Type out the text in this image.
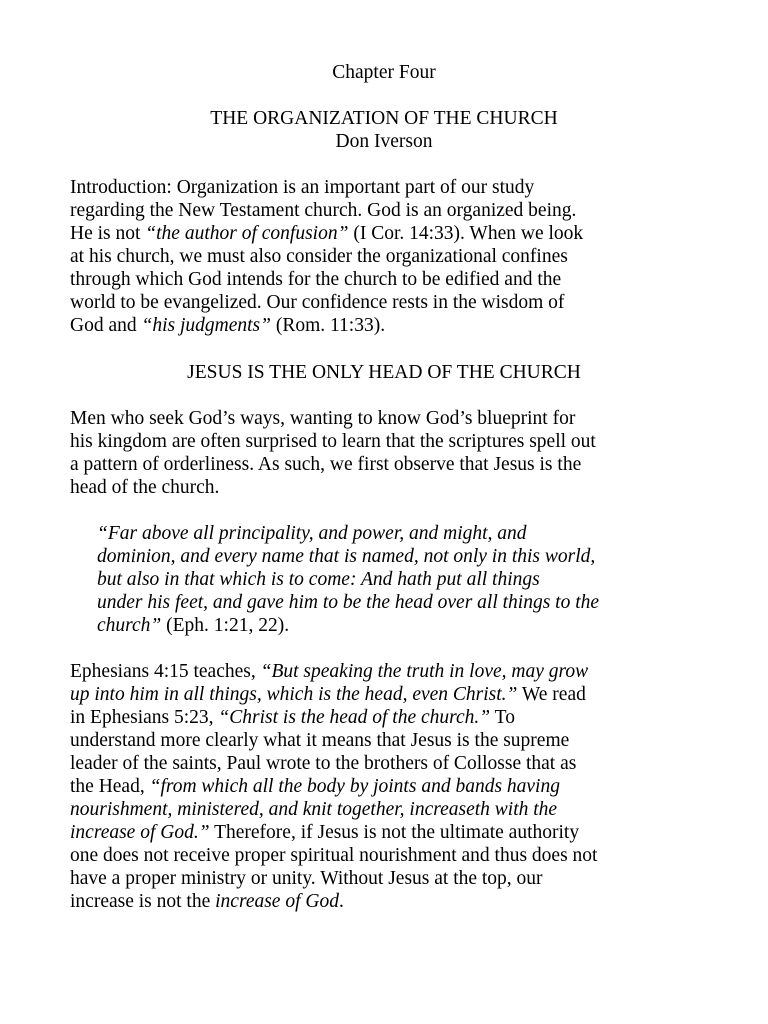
Chapter Four
THE ORGANIZATION OF THE CHURCH
Don Iverson
Introduction: Organization is an important part of our study
regarding the New Testament church. God is an organized being.
He is not “the author of confusion” (I Cor. 14:33). When we look
at his church, we must also consider the organizational confines
through which God intends for the church to be edified and the
world to be evangelized. Our confidence rests in the wisdom of
God and “his judgments” (Rom. 11:33).
JESUS IS THE ONLY HEAD OF THE CHURCH
Men who seek God’s ways, wanting to know God’s blueprint for
his kingdom are often surprised to learn that the scriptures spell out
a pattern of orderliness. As such, we first observe that Jesus is the
head of the church.
“Far above all principality, and power, and might, and
dominion, and every name that is named, not only in this world,
but also in that which is to come: And hath put all things
under his feet, and gave him to be the head over all things to the
church” (Eph. 1:21, 22).
Ephesians 4:15 teaches, “But speaking the truth in love, may grow
up into him in all things, which is the head, even Christ.” We read
in Ephesians 5:23, “Christ is the head of the church.” To
understand more clearly what it means that Jesus is the supreme
leader of the saints, Paul wrote to the brothers of Collosse that as
the Head, “from which all the body by joints and bands having
nourishment, ministered, and knit together, increaseth with the
increase of God.” Therefore, if Jesus is not the ultimate authority
one does not receive proper spiritual nourishment and thus does not
have a proper ministry or unity. Without Jesus at the top, our
increase is not the increase of God.
